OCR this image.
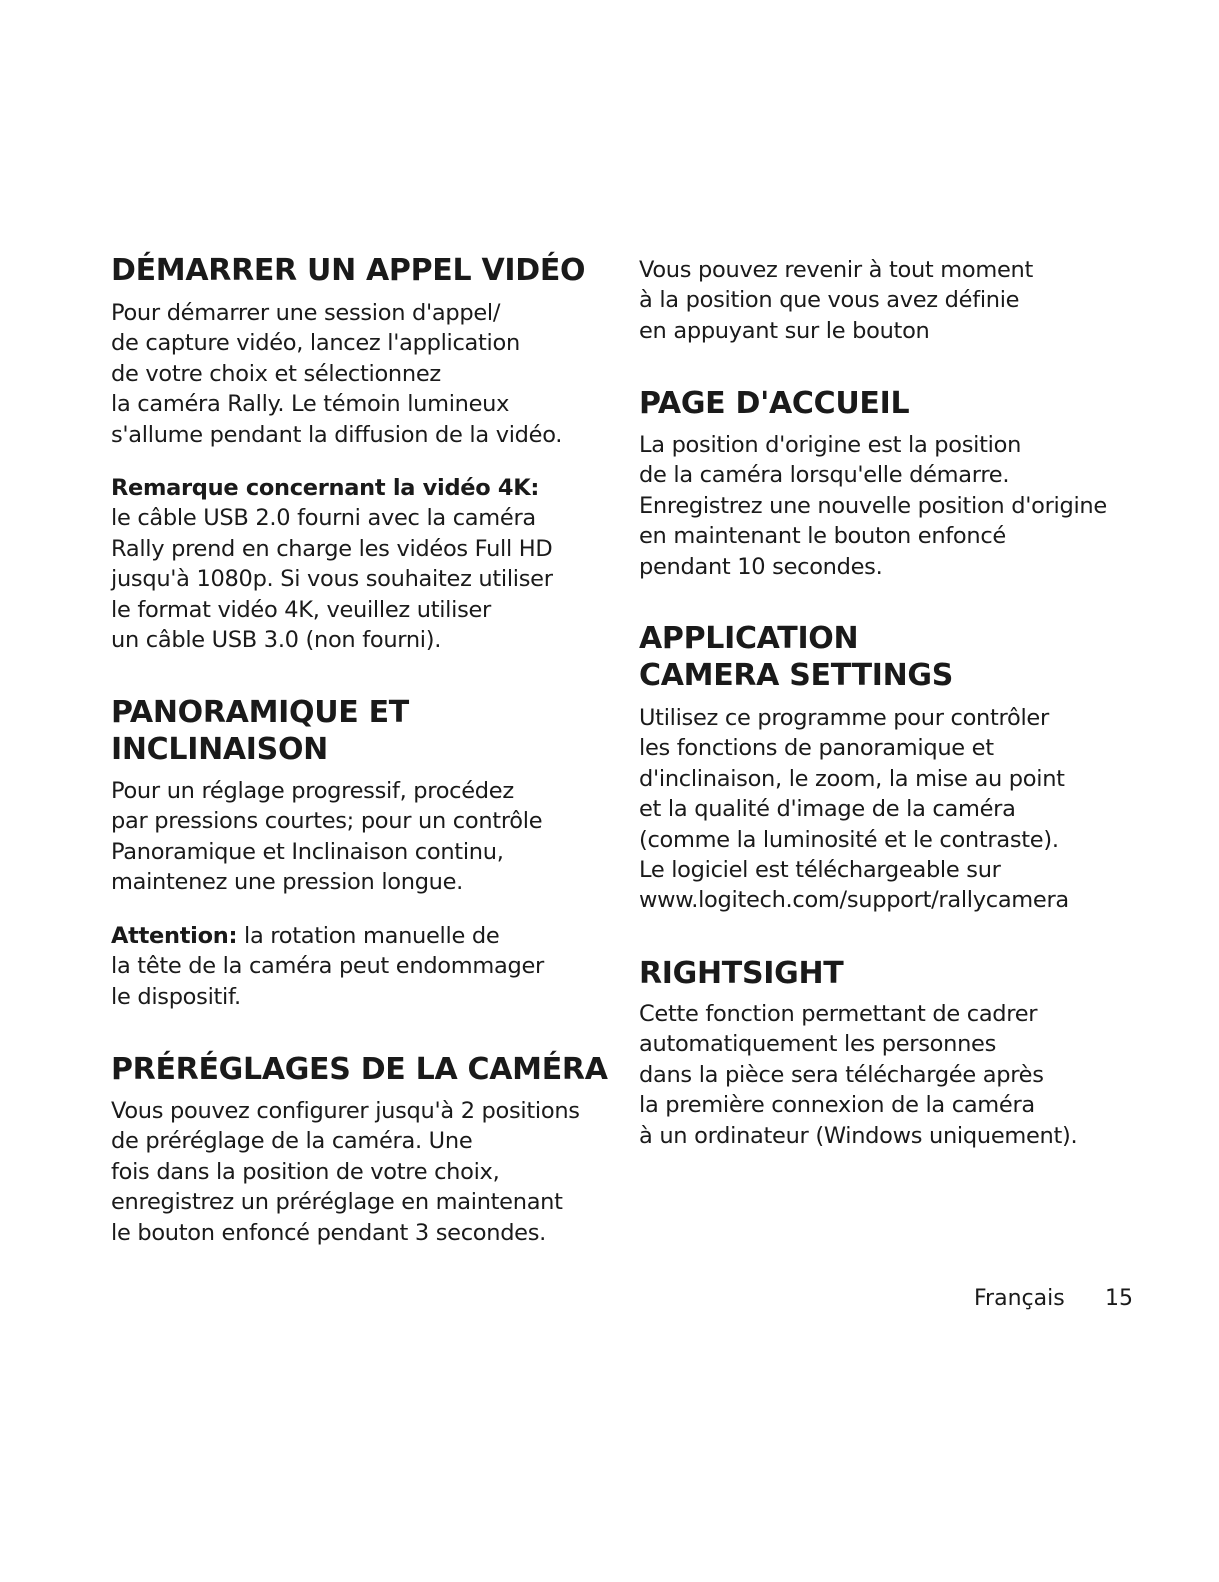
DÉMARRER UN APPEL VIDÉO

Pour démarrer une session d'appel/
de capture vidéo, lancez l'application
de votre choix et sélectionnez
la caméra Rally. Le témoin lumineux
s'allume pendant la diffusion de la vidéo.

Remarque concernant la vidéo 4K:
le câble USB 2.0 fourni avec la caméra
Rally prend en charge les vidéos Full HD
jusqu'à 1080p. Si vous souhaitez utiliser
le format vidéo 4K, veuillez utiliser
un câble USB 3.0 (non fourni).

PANORAMIQUE ET
INCLINAISON

Pour un réglage progressif, procédez
par pressions courtes; pour un contrôle
Panoramique et Inclinaison continu,
maintenez une pression longue.

Attention: la rotation manuelle de
la tête de la caméra peut endommager
le dispositif.

PRÉRÉGLAGES DE LA CAMÉRA

Vous pouvez configurer jusqu'à 2 positions
de préréglage de la caméra. Une
fois dans la position de votre choix,
enregistrez un préréglage en maintenant
le bouton enfoncé pendant 3 secondes.

Vous pouvez revenir à tout moment
à la position que vous avez définie
en appuyant sur le bouton

PAGE D'ACCUEIL

La position d'origine est la position
de la caméra lorsqu'elle démarre.
Enregistrez une nouvelle position d'origine
en maintenant le bouton enfoncé
pendant 10 secondes.

APPLICATION
CAMERA SETTINGS

Utilisez ce programme pour contrôler
les fonctions de panoramique et
d'inclinaison, le zoom, la mise au point
et la qualité d'image de la caméra
(comme la luminosité et le contraste).
Le logiciel est téléchargeable sur
www.logitech.com/support/rallycamera

RIGHTSIGHT

Cette fonction permettant de cadrer
automatiquement les personnes
dans la pièce sera téléchargée après
la première connexion de la caméra
à un ordinateur (Windows uniquement).

Français 15
